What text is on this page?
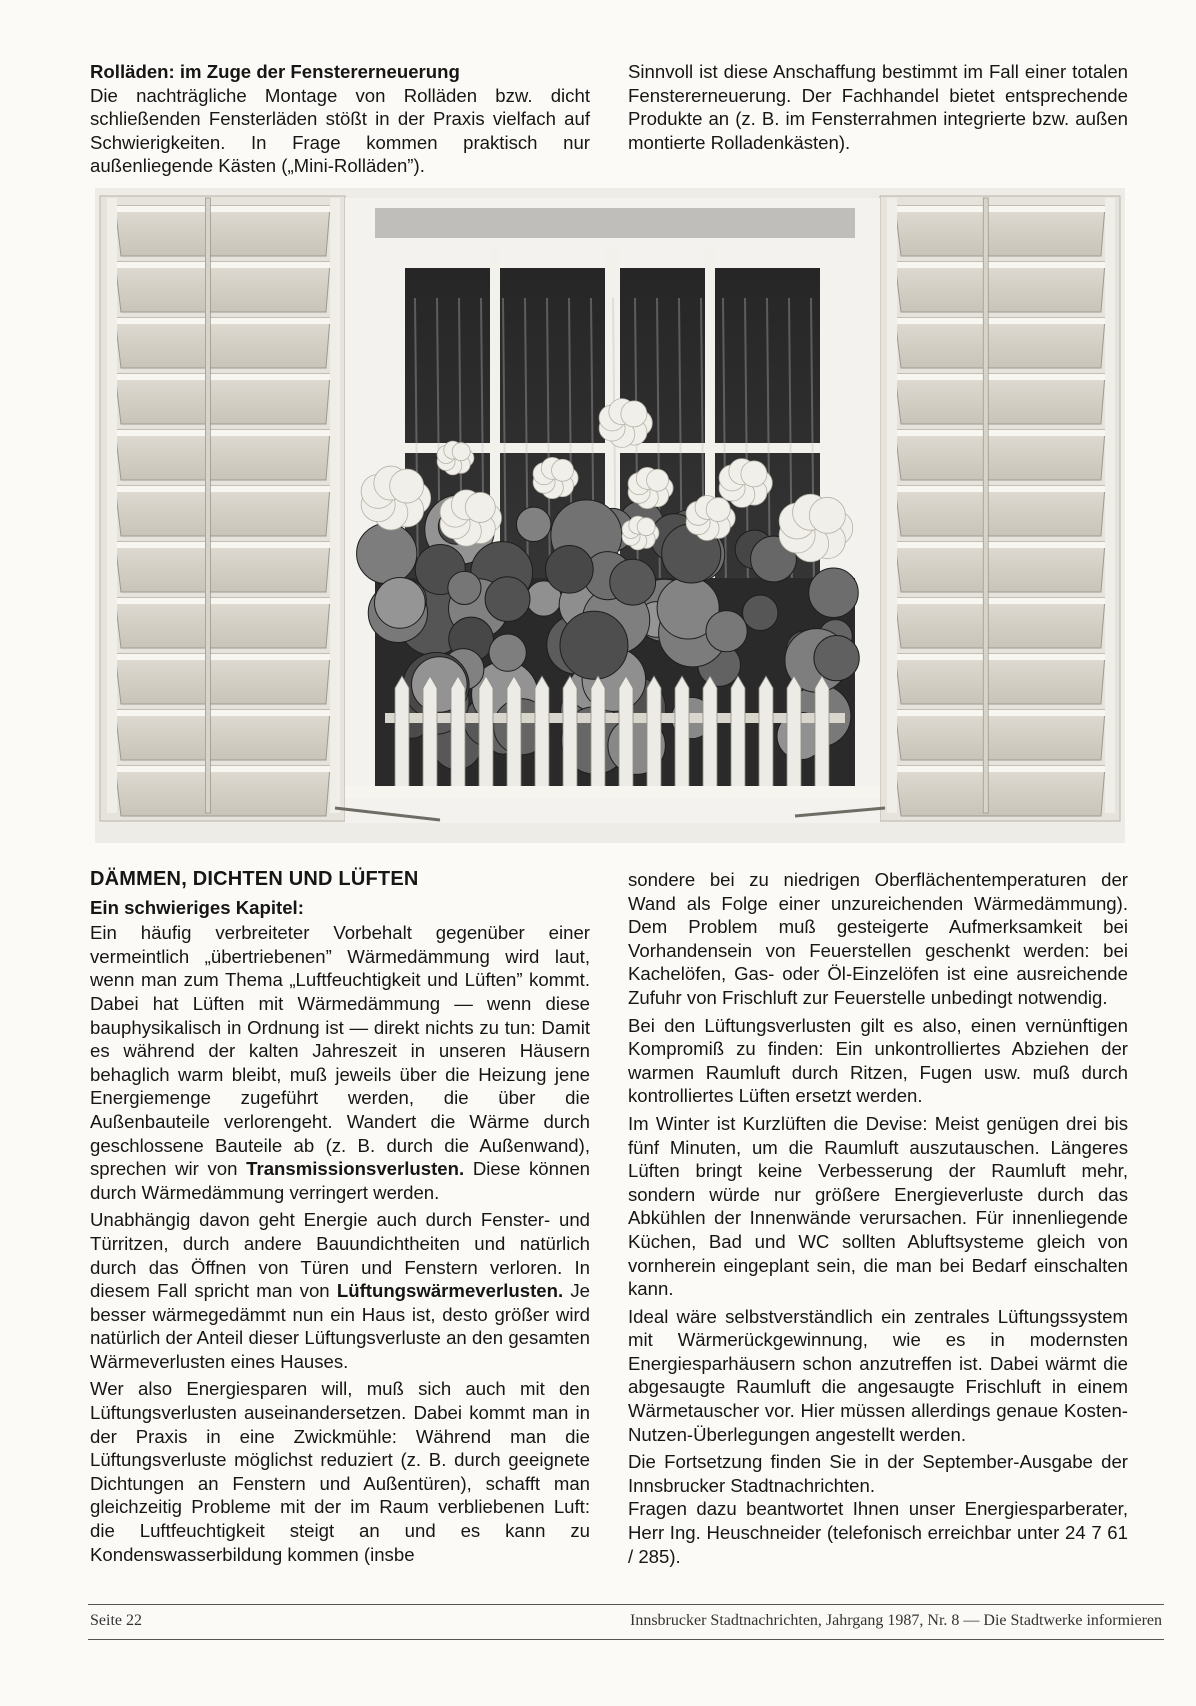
Rolläden: im Zuge der Fenstererneuerung
Die nachträgliche Montage von Rolläden bzw. dicht schließenden Fensterläden stößt in der Praxis vielfach auf Schwierigkeiten. In Frage kommen praktisch nur außenliegende Kästen („Mini-Rolläden”).

Sinnvoll ist diese Anschaffung bestimmt im Fall einer totalen Fenstererneuerung. Der Fachhandel bietet entsprechende Produkte an (z. B. im Fensterrahmen integrierte bzw. außen montierte Rolladenkästen).

DÄMMEN, DICHTEN UND LÜFTEN
Ein schwieriges Kapitel:

Ein häufig verbreiteter Vorbehalt gegenüber einer vermeintlich „übertriebenen” Wärmedämmung wird laut, wenn man zum Thema „Luftfeuchtigkeit und Lüften” kommt. Dabei hat Lüften mit Wärmedämmung — wenn diese bauphysikalisch in Ordnung ist — direkt nichts zu tun: Damit es während der kalten Jahreszeit in unseren Häusern behaglich warm bleibt, muß jeweils über die Heizung jene Energiemenge zugeführt werden, die über die Außenbauteile verlorengeht. Wandert die Wärme durch geschlossene Bauteile ab (z. B. durch die Außenwand), sprechen wir von Transmissionsverlusten. Diese können durch Wärmedämmung verringert werden.

Unabhängig davon geht Energie auch durch Fenster- und Türritzen, durch andere Bauundichtheiten und natürlich durch das Öffnen von Türen und Fenstern verloren. In diesem Fall spricht man von Lüftungswärmeverlusten. Je besser wärmegedämmt nun ein Haus ist, desto größer wird natürlich der Anteil dieser Lüftungsverluste an den gesamten Wärmeverlusten eines Hauses.

Wer also Energiesparen will, muß sich auch mit den Lüftungsverlusten auseinandersetzen. Dabei kommt man in der Praxis in eine Zwickmühle: Während man die Lüftungsverluste möglichst reduziert (z. B. durch geeignete Dichtungen an Fenstern und Außentüren), schafft man gleichzeitig Probleme mit der im Raum verbliebenen Luft: die Luftfeuchtigkeit steigt an und es kann zu Kondenswasserbildung kommen (insbe

sondere bei zu niedrigen Oberflächentemperaturen der Wand als Folge einer unzureichenden Wärmedämmung). Dem Problem muß gesteigerte Aufmerksamkeit bei Vorhandensein von Feuerstellen geschenkt werden: bei Kachelöfen, Gas- oder Öl-Einzelöfen ist eine ausreichende Zufuhr von Frischluft zur Feuerstelle unbedingt notwendig.

Bei den Lüftungsverlusten gilt es also, einen vernünftigen Kompromiß zu finden: Ein unkontrolliertes Abziehen der warmen Raumluft durch Ritzen, Fugen usw. muß durch kontrolliertes Lüften ersetzt werden.

Im Winter ist Kurzlüften die Devise: Meist genügen drei bis fünf Minuten, um die Raumluft auszutauschen. Längeres Lüften bringt keine Verbesserung der Raumluft mehr, sondern würde nur größere Energieverluste durch das Abkühlen der Innenwände verursachen. Für innenliegende Küchen, Bad und WC sollten Abluftsysteme gleich von vornherein eingeplant sein, die man bei Bedarf einschalten kann.

Ideal wäre selbstverständlich ein zentrales Lüftungssystem mit Wärmerückgewinnung, wie es in modernsten Energiesparhäusern schon anzutreffen ist. Dabei wärmt die abgesaugte Raumluft die angesaugte Frischluft in einem Wärmetauscher vor. Hier müssen allerdings genaue Kosten-Nutzen-Überlegungen angestellt werden.

Die Fortsetzung finden Sie in der September-Ausgabe der Innsbrucker Stadtnachrichten.

Fragen dazu beantwortet Ihnen unser Energiesparberater, Herr Ing. Heuschneider (telefonisch erreichbar unter 24 7 61 / 285).

Seite 22	Innsbrucker Stadtnachrichten, Jahrgang 1987, Nr. 8 — Die Stadtwerke informieren
